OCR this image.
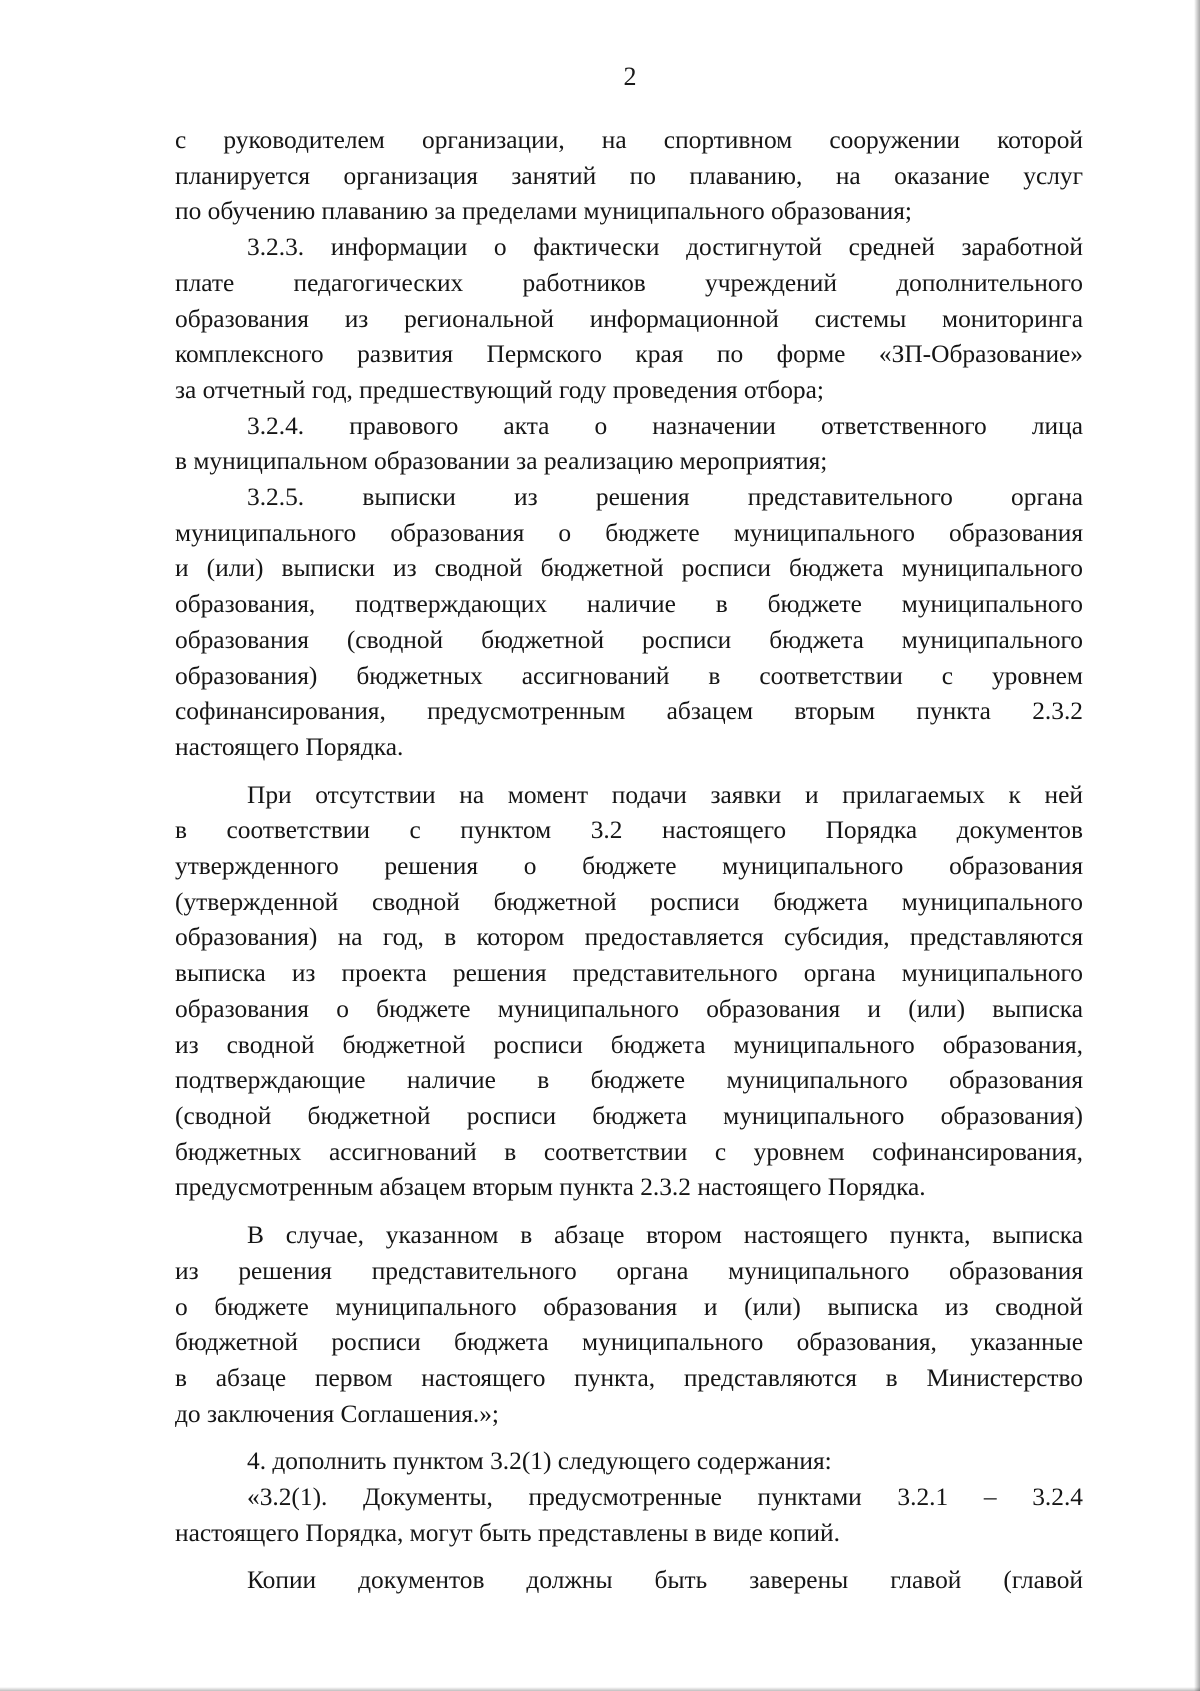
2

с руководителем организации, на спортивном сооружении которой

планируется организация занятий по плаванию, на оказание услуг

по обучению плаванию за пределами муниципального образования;

3.2.3. информации о фактически достигнутой средней заработной

плате педагогических работников учреждений дополнительного

образования из региональной информационной системы мониторинга

комплексного развития Пермского края по форме «ЗП-Образование»

за отчетный год, предшествующий году проведения отбора;

3.2.4. правового акта о назначении ответственного лица

в муниципальном образовании за реализацию мероприятия;

3.2.5. выписки из решения представительного органа

муниципального образования о бюджете муниципального образования

и (или) выписки из сводной бюджетной росписи бюджета муниципального

образования, подтверждающих наличие в бюджете муниципального

образования (сводной бюджетной росписи бюджета муниципального

образования) бюджетных ассигнований в соответствии с уровнем

софинансирования, предусмотренным абзацем вторым пункта 2.3.2

настоящего Порядка.

При отсутствии на момент подачи заявки и прилагаемых к ней

в соответствии с пунктом 3.2 настоящего Порядка документов

утвержденного решения о бюджете муниципального образования

(утвержденной сводной бюджетной росписи бюджета муниципального

образования) на год, в котором предоставляется субсидия, представляются

выписка из проекта решения представительного органа муниципального

образования о бюджете муниципального образования и (или) выписка

из сводной бюджетной росписи бюджета муниципального образования,

подтверждающие наличие в бюджете муниципального образования

(сводной бюджетной росписи бюджета муниципального образования)

бюджетных ассигнований в соответствии с уровнем софинансирования,

предусмотренным абзацем вторым пункта 2.3.2 настоящего Порядка.

В случае, указанном в абзаце втором настоящего пункта, выписка

из решения представительного органа муниципального образования

о бюджете муниципального образования и (или) выписка из сводной

бюджетной росписи бюджета муниципального образования, указанные

в абзаце первом настоящего пункта, представляются в Министерство

до заключения Соглашения.»;

4. дополнить пунктом 3.2(1) следующего содержания:

«3.2(1). Документы, предусмотренные пунктами 3.2.1 – 3.2.4

настоящего Порядка, могут быть представлены в виде копий.

Копии документов должны быть заверены главой (главой
